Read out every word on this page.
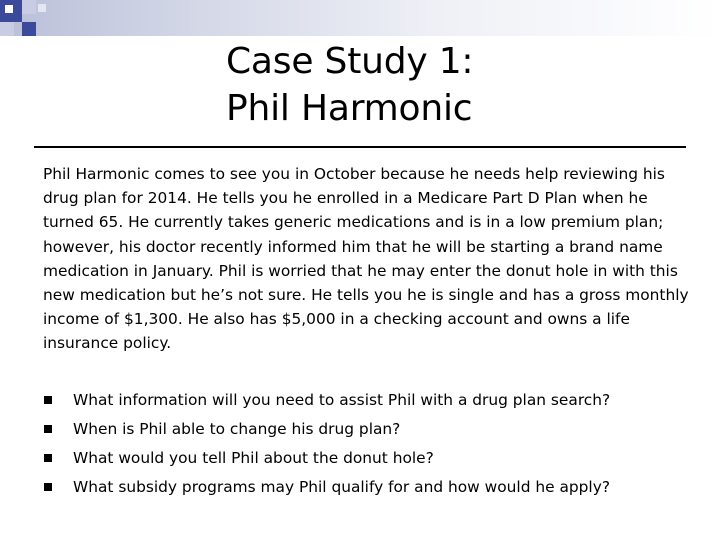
Case Study 1:
Phil Harmonic
Phil Harmonic comes to see you in October because he needs help reviewing his drug plan for 2014. He tells you he enrolled in a Medicare Part D Plan when he turned 65. He currently takes generic medications and is in a low premium plan; however, his doctor recently informed him that he will be starting a brand name medication in January. Phil is worried that he may enter the donut hole in with this new medication but he’s not sure. He tells you he is single and has a gross monthly income of $1,300. He also has $5,000 in a checking account and owns a life insurance policy.
What information will you need to assist Phil with a drug plan search?
When is Phil able to change his drug plan?
What would you tell Phil about the donut hole?
What subsidy programs may Phil qualify for and how would he apply?
